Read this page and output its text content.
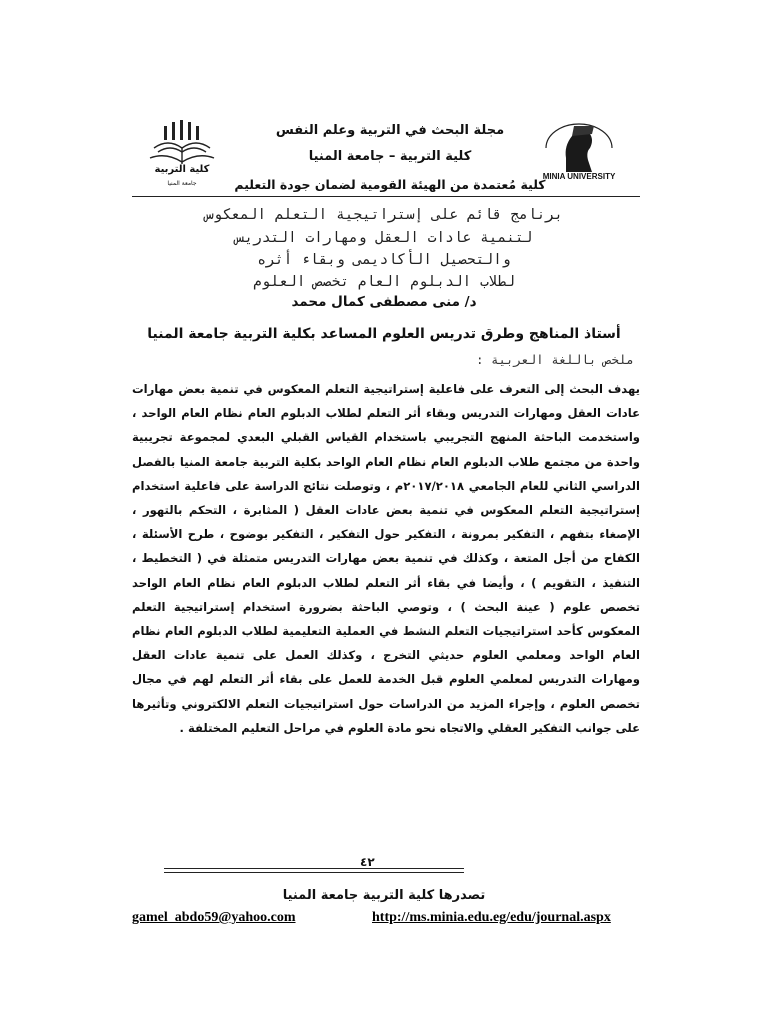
كلية التربية
جامعة المنيا
مجلة البحث في التربية وعلم النفس
كلية التربية – جامعة المنيا
كلية مُعتمدة من الهيئة القومية لضمان جودة التعليم
MINIA UNIVERSITY
برنامج قائم على إستراتيجية التعلم المعكوس
لتنمية عادات العقل ومهارات التدريس
والتحصيل الأكاديمى وبقاء أثره
لطلاب الدبلوم العام تخصص العلوم
د/ منى مصطفى كمال محمد
أستاذ المناهج وطرق تدريس العلوم المساعد بكلية التربية جامعة المنيا
ملخص باللغة العربية :

يهدف البحث إلى التعرف على فاعلية إستراتيجية التعلم المعكوس في تنمية بعض مهارات عادات العقل ومهارات التدريس وبقاء أثر التعلم لطلاب الدبلوم العام نظام العام الواحد ، واستخدمت الباحثة المنهج التجريبي باستخدام القياس القبلي البعدي لمجموعة تجريبية واحدة من مجتمع طلاب الدبلوم العام نظام العام الواحد بكلية التربية جامعة المنيا بالفصل الدراسي الثاني للعام الجامعي ٢٠١٧/٢٠١٨م ، وتوصلت نتائج الدراسة على فاعلية استخدام إستراتيجية التعلم المعكوس في تنمية بعض عادات العقل ( المثابرة ، التحكم بالتهور ، الإصغاء بتفهم ، التفكير بمرونة ، التفكير حول التفكير ، التفكير بوضوح ، طرح الأسئلة ، الكفاح من أجل المتعة ، وكذلك في تنمية بعض مهارات التدريس متمثلة في ( التخطيط ، التنفيذ ، التقويم ) ، وأيضا في بقاء أثر التعلم لطلاب الدبلوم العام نظام العام الواحد تخصص علوم ( عينة البحث ) ، وتوصي الباحثة بضرورة استخدام إستراتيجية التعلم المعكوس كأحد استراتيجيات التعلم النشط في العملية التعليمية لطلاب الدبلوم العام نظام العام الواحد ومعلمي العلوم حديثي التخرج ، وكذلك العمل على تنمية عادات العقل ومهارات التدريس لمعلمي العلوم قبل الخدمة للعمل على بقاء أثر التعلم لهم في مجال تخصص العلوم ، وإجراء المزيد من الدراسات حول استراتيجيات التعلم الالكتروني وتأثيرها على جوانب التفكير العقلي والاتجاه نحو مادة العلوم في مراحل التعليم المختلفة .

٤٢
تصدرها كلية التربية جامعة المنيا
gamel_abdo59@yahoo.com	http://ms.minia.edu.eg/edu/journal.aspx
